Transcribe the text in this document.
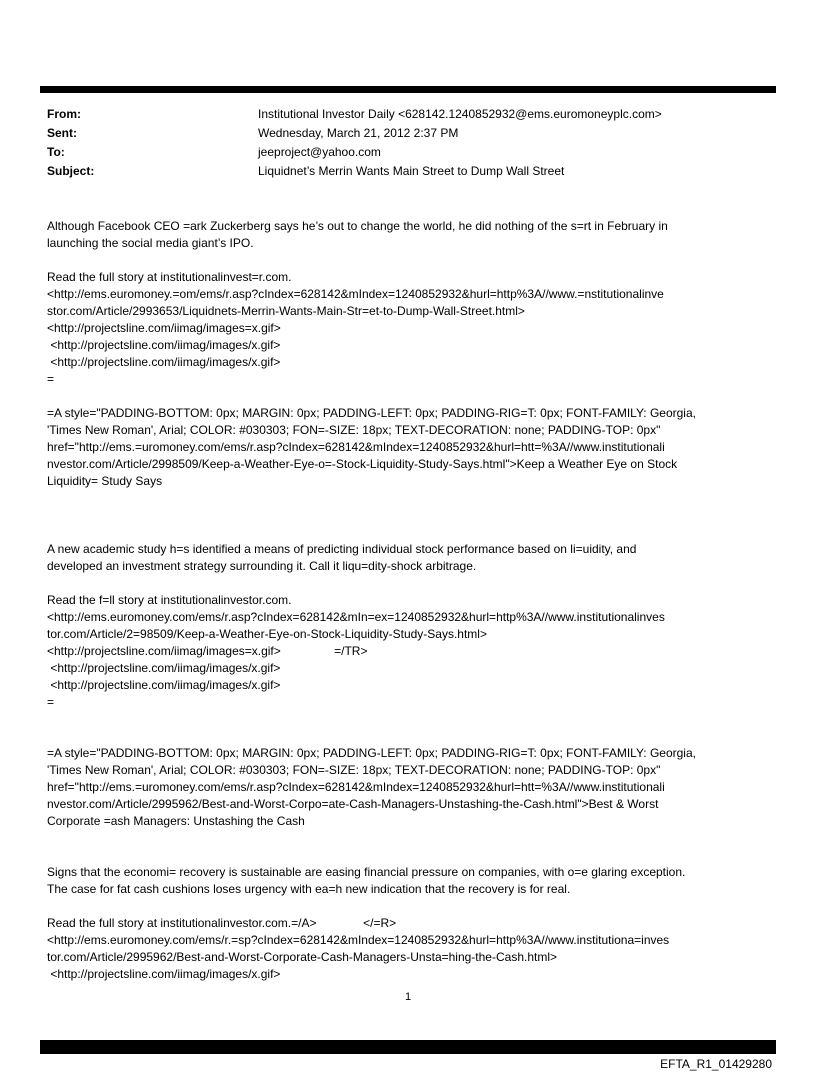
From:	Institutional Investor Daily <628142.1240852932@ems.euromoneyplc.com>
Sent:	Wednesday, March 21, 2012 2:37 PM
To:	jeeproject@yahoo.com
Subject:	Liquidnet’s Merrin Wants Main Street to Dump Wall Street
Although Facebook CEO =ark Zuckerberg says he’s out to change the world, he did nothing of the s=rt in February in
launching the social media giant’s IPO.
Read the full story at institutionalinvest=r.com.
<http://ems.euromoney.=om/ems/r.asp?cIndex=628142&mIndex=1240852932&hurl=http%3A//www.=nstitutionalinve
stor.com/Article/2993653/Liquidnets-Merrin-Wants-Main-Str=et-to-Dump-Wall-Street.html>
<http://projectsline.com/iimag/images=x.gif>
<http://projectsline.com/iimag/images/x.gif>
<http://projectsline.com/iimag/images/x.gif>
=
=A style="PADDING-BOTTOM: 0px; MARGIN: 0px; PADDING-LEFT: 0px; PADDING-RIG=T: 0px; FONT-FAMILY: Georgia,
'Times New Roman', Arial; COLOR: #030303; FON=-SIZE: 18px; TEXT-DECORATION: none; PADDING-TOP: 0px"
href="http://ems.=uromoney.com/ems/r.asp?cIndex=628142&mIndex=1240852932&hurl=htt=%3A//www.institutionali
nvestor.com/Article/2998509/Keep-a-Weather-Eye-o=-Stock-Liquidity-Study-Says.html">Keep a Weather Eye on Stock
Liquidity= Study Says
A new academic study h=s identified a means of predicting individual stock performance based on li=uidity, and
developed an investment strategy surrounding it. Call it liqu=dity-shock arbitrage.
Read the f=ll story at institutionalinvestor.com.
<http://ems.euromoney.com/ems/r.asp?cIndex=628142&mIn=ex=1240852932&hurl=http%3A//www.institutionalinves
tor.com/Article/2=98509/Keep-a-Weather-Eye-on-Stock-Liquidity-Study-Says.html>
<http://projectsline.com/iimag/images=x.gif>                =/TR>
<http://projectsline.com/iimag/images/x.gif>
<http://projectsline.com/iimag/images/x.gif>
=
=A style="PADDING-BOTTOM: 0px; MARGIN: 0px; PADDING-LEFT: 0px; PADDING-RIG=T: 0px; FONT-FAMILY: Georgia,
'Times New Roman', Arial; COLOR: #030303; FON=-SIZE: 18px; TEXT-DECORATION: none; PADDING-TOP: 0px"
href="http://ems.=uromoney.com/ems/r.asp?cIndex=628142&mIndex=1240852932&hurl=htt=%3A//www.institutionali
nvestor.com/Article/2995962/Best-and-Worst-Corpo=ate-Cash-Managers-Unstashing-the-Cash.html">Best & Worst
Corporate =ash Managers: Unstashing the Cash
Signs that the economi= recovery is sustainable are easing financial pressure on companies, with o=e glaring exception.
The case for fat cash cushions loses urgency with ea=h new indication that the recovery is for real.
Read the full story at institutionalinvestor.com.=/A>              </=R>
<http://ems.euromoney.com/ems/r.=sp?cIndex=628142&mIndex=1240852932&hurl=http%3A//www.institutiona=inves
tor.com/Article/2995962/Best-and-Worst-Corporate-Cash-Managers-Unsta=hing-the-Cash.html>
<http://projectsline.com/iimag/images/x.gif>
1
EFTA_R1_01429280
